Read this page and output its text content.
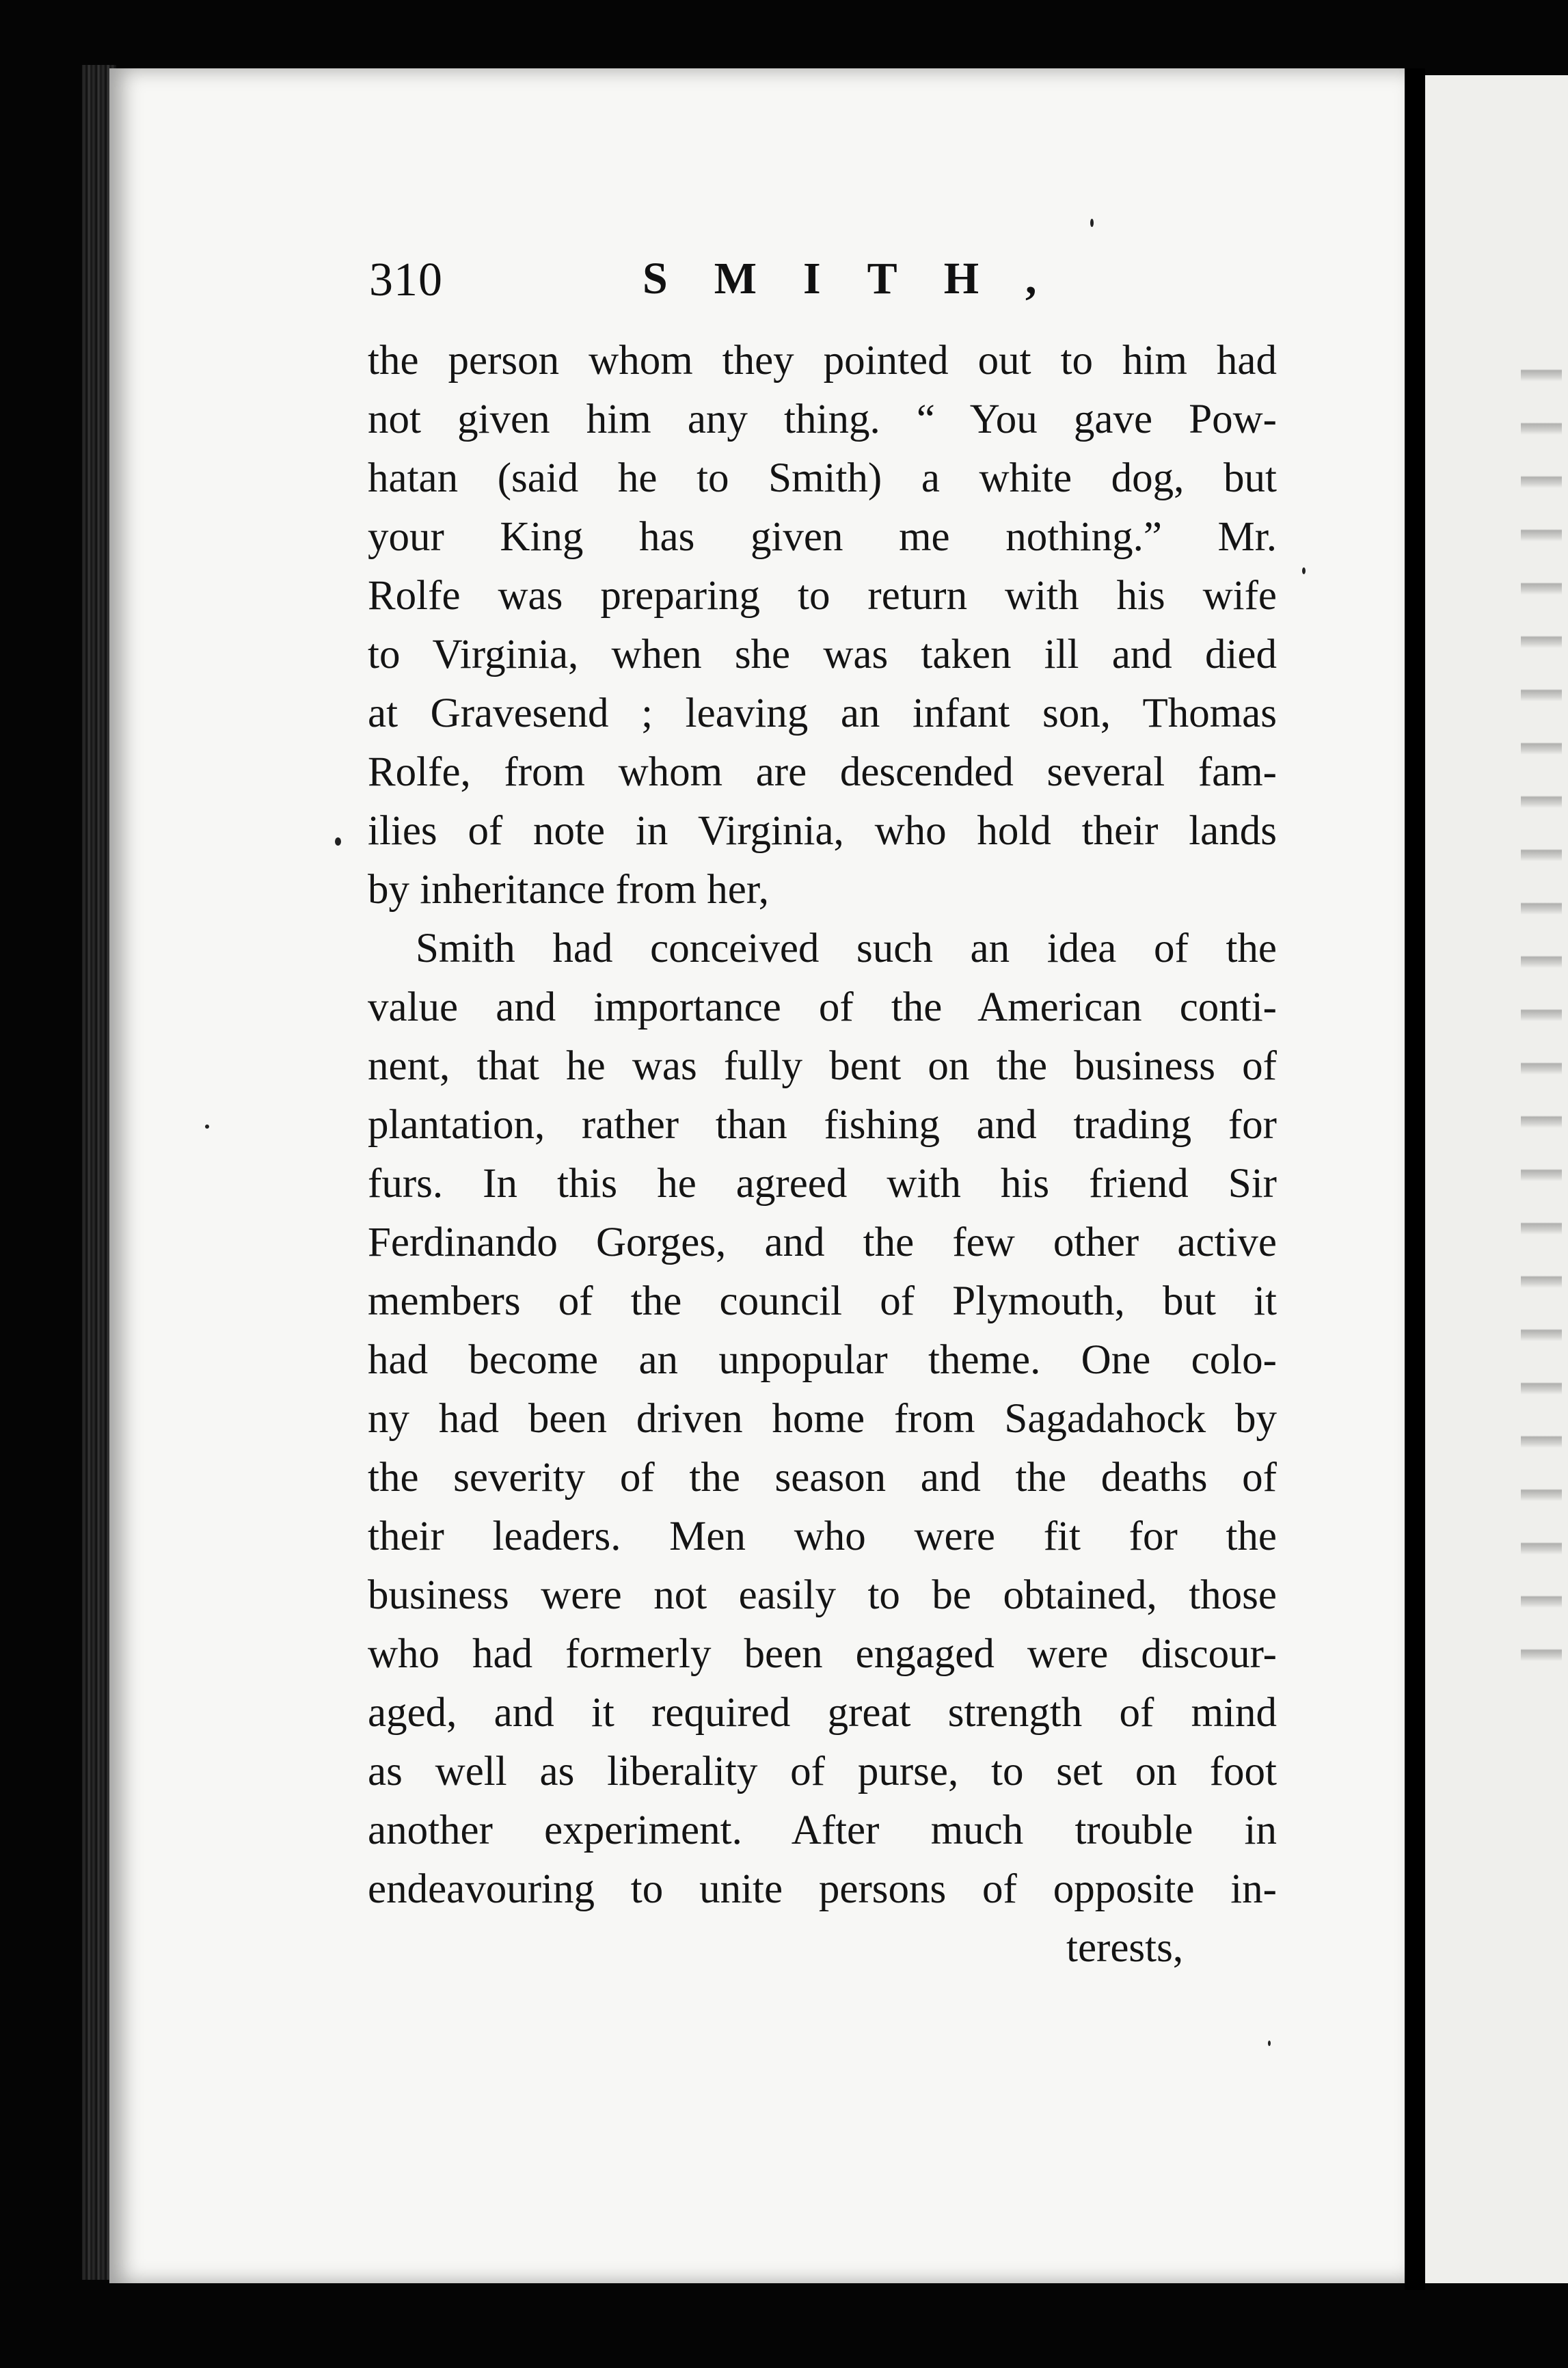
310	SMITH,
the person whom they pointed out to him had
not given him any thing. “ You gave Pow-
hatan (said he to Smith) a white dog, but
your King has given me nothing.” Mr.
Rolfe was preparing to return with his wife
to Virginia, when she was taken ill and died
at Gravesend ; leaving an infant son, Thomas
Rolfe, from whom are descended several fam-
ilies of note in Virginia, who hold their lands
by inheritance from her,
Smith had conceived such an idea of the
value and importance of the American conti-
nent, that he was fully bent on the business of
plantation, rather than fishing and trading for
furs. In this he agreed with his friend Sir
Ferdinando Gorges, and the few other active
members of the council of Plymouth, but it
had become an unpopular theme. One colo-
ny had been driven home from Sagadahock by
the severity of the season and the deaths of
their leaders. Men who were fit for the
business were not easily to be obtained, those
who had formerly been engaged were discour-
aged, and it required great strength of mind
as well as liberality of purse, to set on foot
another experiment. After much trouble in
endeavouring to unite persons of opposite in-
terests,
